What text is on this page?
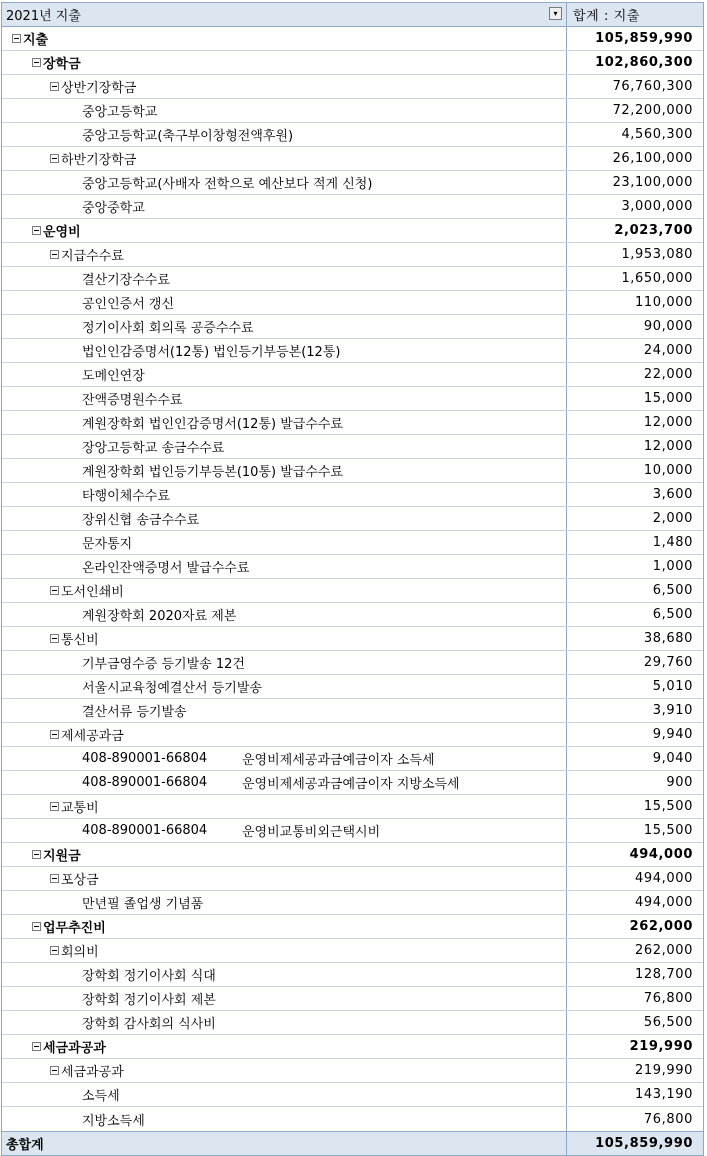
2021년 지출	▾	합계 : 지출
지출	105,859,990
장학금	102,860,300
상반기장학금	76,760,300
중앙고등학교	72,200,000
중앙고등학교(축구부이창형전액후원)	4,560,300
하반기장학금	26,100,000
중앙고등학교(사배자 전학으로 예산보다 적게 신청)	23,100,000
중앙중학교	3,000,000
운영비	2,023,700
지급수수료	1,953,080
결산기장수수료	1,650,000
공인인증서 갱신	110,000
정기이사회 회의록 공증수수료	90,000
법인인감증명서(12통) 법인등기부등본(12통)	24,000
도메인연장	22,000
잔액증명원수수료	15,000
계원장학회 법인인감증명서(12통) 발급수수료	12,000
장앙고등학교 송금수수료	12,000
계원장학회 법인등기부등본(10통) 발급수수료	10,000
타행이체수수료	3,600
장위신협 송금수수료	2,000
문자통지	1,480
온라인잔액증명서 발급수수료	1,000
도서인쇄비	6,500
계원장학회 2020자료 제본	6,500
통신비	38,680
기부금영수증 등기발송 12건	29,760
서울시교육청예결산서 등기발송	5,010
결산서류 등기발송	3,910
제세공과금	9,940
408-890001-66804	운영비제세공과금예금이자 소득세	9,040
408-890001-66804	운영비제세공과금예금이자 지방소득세	900
교통비	15,500
408-890001-66804	운영비교통비외근택시비	15,500
지원금	494,000
포상금	494,000
만년필 졸업생 기념품	494,000
업무추진비	262,000
회의비	262,000
장학회 정기이사회 식대	128,700
장학회 정기이사회 제본	76,800
장학회 감사회의 식사비	56,500
세금과공과	219,990
세금과공과	219,990
소득세	143,190
지방소득세	76,800
총합계	105,859,990
